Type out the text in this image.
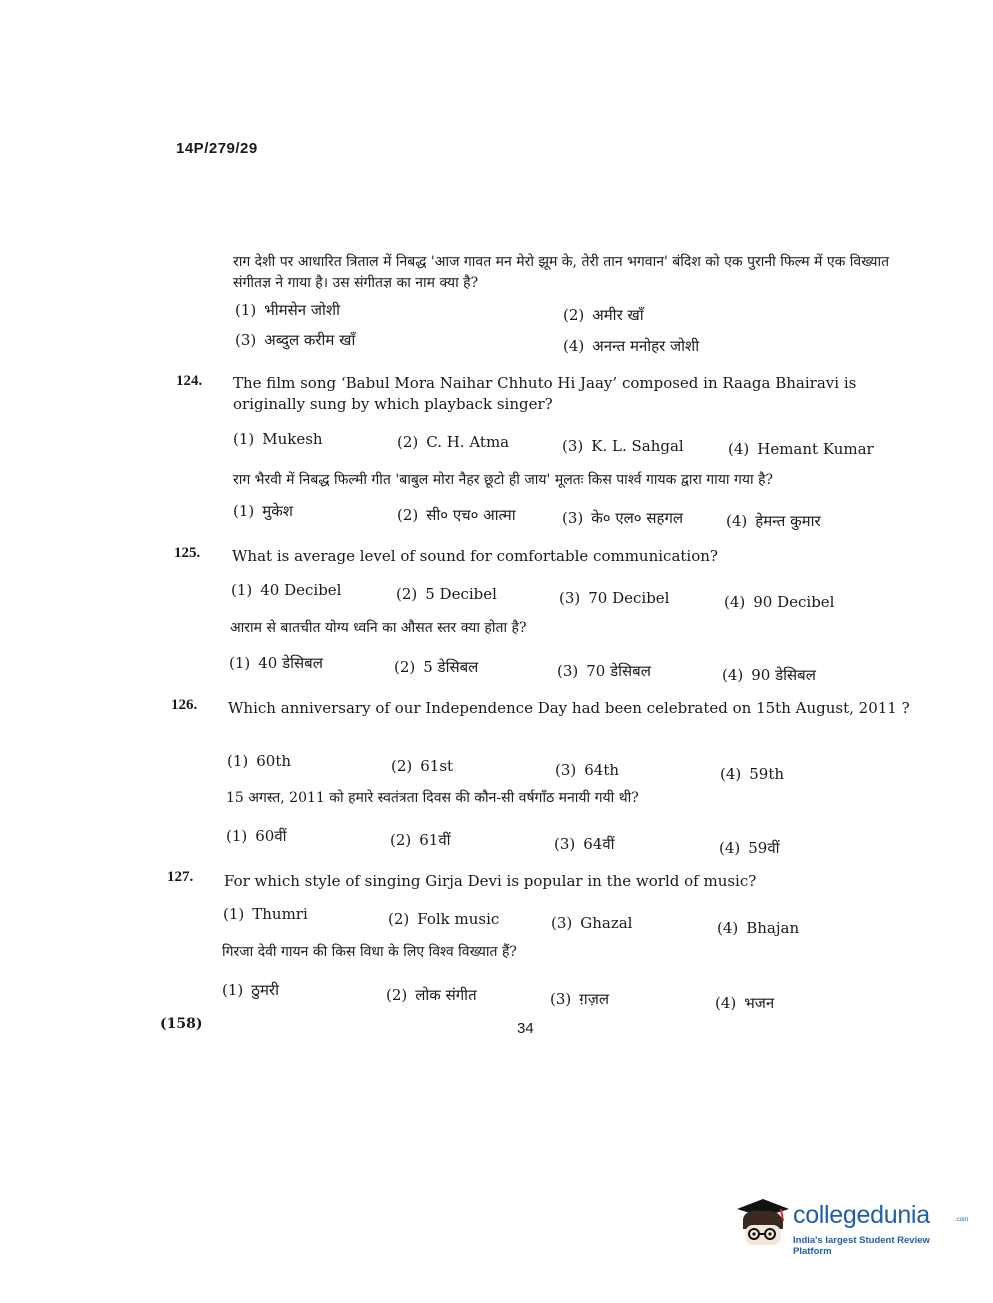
14P/279/29
राग देशी पर आधारित त्रिताल में निबद्ध 'आज गावत मन मेरो झूम के, तेरी तान भगवान' बंदिश को एक पुरानी फिल्म में एक विख्यात संगीतज्ञ ने गाया है। उस संगीतज्ञ का नाम क्या है?
(1) भीमसेन जोशी	(2) अमीर खाँ
(3) अब्दुल करीम खाँ	(4) अनन्त मनोहर जोशी
124. The film song ‘Babul Mora Naihar Chhuto Hi Jaay’ composed in Raaga Bhairavi is originally sung by which playback singer?
(1) Mukesh	(2) C. H. Atma	(3) K. L. Sahgal	(4) Hemant Kumar
राग भैरवी में निबद्ध फिल्मी गीत 'बाबुल मोरा नैहर छूटो ही जाय' मूलतः किस पार्श्व गायक द्वारा गाया गया है?
(1) मुकेश	(2) सी० एच० आत्मा	(3) के० एल० सहगल	(4) हेमन्त कुमार
125. What is average level of sound for comfortable communication?
(1) 40 Decibel	(2) 5 Decibel	(3) 70 Decibel	(4) 90 Decibel
आराम से बातचीत योग्य ध्वनि का औसत स्तर क्या होता है?
(1) 40 डेसिबल	(2) 5 डेसिबल	(3) 70 डेसिबल	(4) 90 डेसिबल
126. Which anniversary of our Independence Day had been celebrated on 15th August, 2011 ?
(1) 60th	(2) 61st	(3) 64th	(4) 59th
15 अगस्त, 2011 को हमारे स्वतंत्रता दिवस की कौन-सी वर्षगाँठ मनायी गयी थी?
(1) 60वीं	(2) 61वीं	(3) 64वीं	(4) 59वीं
127. For which style of singing Girja Devi is popular in the world of music?
(1) Thumri	(2) Folk music	(3) Ghazal	(4) Bhajan
गिरजा देवी गायन की किस विधा के लिए विश्व विख्यात हैं?
(1) ठुमरी	(2) लोक संगीत	(3) ग़ज़ल	(4) भजन
(158)	34
collegedunia	.com
India's largest Student Review Platform
